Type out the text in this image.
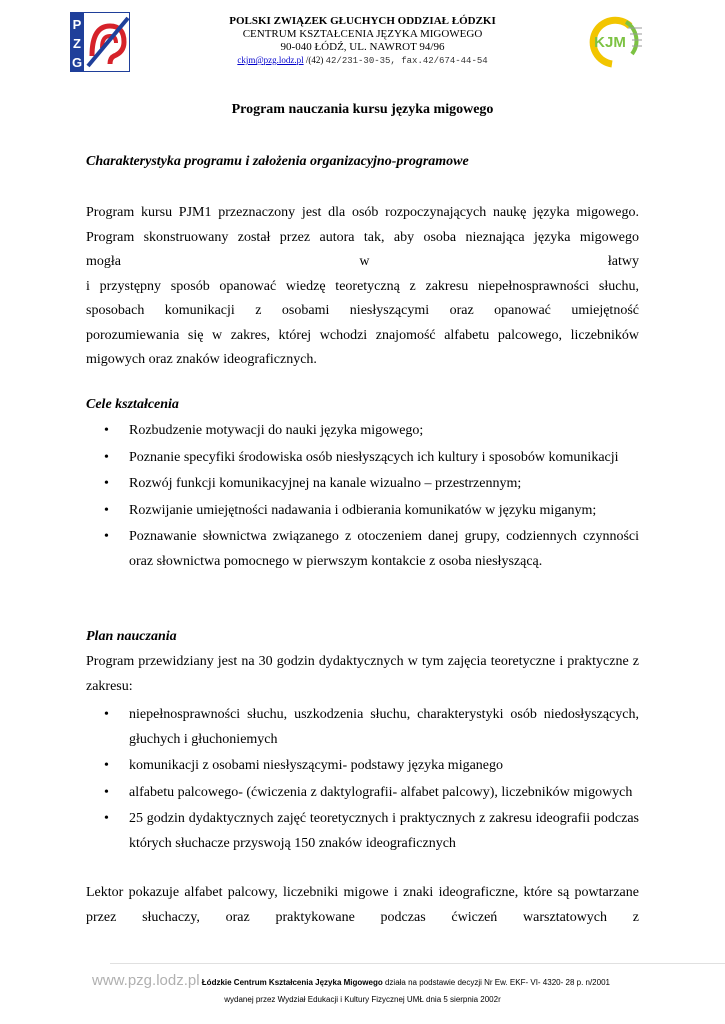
P
Z
G
POLSKI ZWIĄZEK GŁUCHYCH ODDZIAŁ ŁÓDZKI
CENTRUM KSZTAŁCENIA JĘZYKA MIGOWEGO
90-040 ŁÓDŹ, UL. NAWROT 94/96
ckjm@pzg.lodz.pl /(42) 42/231-30-35, fax.42/674-44-54
KJM
Program nauczania kursu języka migowego
Charakterystyka programu i założenia organizacyjno-programowe
Program kursu PJM1 przeznaczony jest dla osób rozpoczynających naukę języka migowego.
Program skonstruowany został przez autora tak, aby osoba nieznająca języka migowego
mogła	w	łatwy
i przystępny sposób opanować wiedzę teoretyczną z zakresu niepełnosprawności słuchu,
sposobach komunikacji z osobami niesłyszącymi oraz opanować umiejętność
porozumiewania się w zakres, której wchodzi znajomość alfabetu palcowego, liczebników
migowych oraz znaków ideograficznych.
Cele kształcenia
• Rozbudzenie motywacji do nauki języka migowego;
• Poznanie specyfiki środowiska osób niesłyszących ich kultury i sposobów komunikacji
• Rozwój funkcji komunikacyjnej na kanale wizualno – przestrzennym;
• Rozwijanie umiejętności nadawania i odbierania komunikatów w języku miganym;
• Poznawanie słownictwa związanego z otoczeniem danej grupy, codziennych czynności oraz słownictwa pomocnego w pierwszym kontakcie z osoba niesłyszącą.
Plan nauczania
Program przewidziany jest na 30 godzin dydaktycznych w tym zajęcia teoretyczne i praktyczne z zakresu:
• niepełnosprawności słuchu, uszkodzenia słuchu, charakterystyki osób niedosłyszących, głuchych i głuchoniemych
• komunikacji z osobami niesłyszącymi- podstawy języka miganego
• alfabetu palcowego- (ćwiczenia z daktylografii- alfabet palcowy), liczebników migowych
• 25 godzin dydaktycznych zajęć teoretycznych i praktycznych z zakresu ideografii podczas których słuchacze przyswoją 150 znaków ideograficznych
Lektor pokazuje alfabet palcowy, liczebniki migowe i znaki ideograficzne, które są powtarzane przez słuchaczy, oraz praktykowane podczas ćwiczeń warsztatowych z
www.pzg.lodz.pl Łódzkie Centrum Kształcenia Języka Migowego działa na podstawie decyzji Nr Ew. EKF- VI- 4320- 28 p. n/2001
wydanej przez Wydział Edukacji i Kultury Fizycznej UMŁ dnia 5 sierpnia 2002r
